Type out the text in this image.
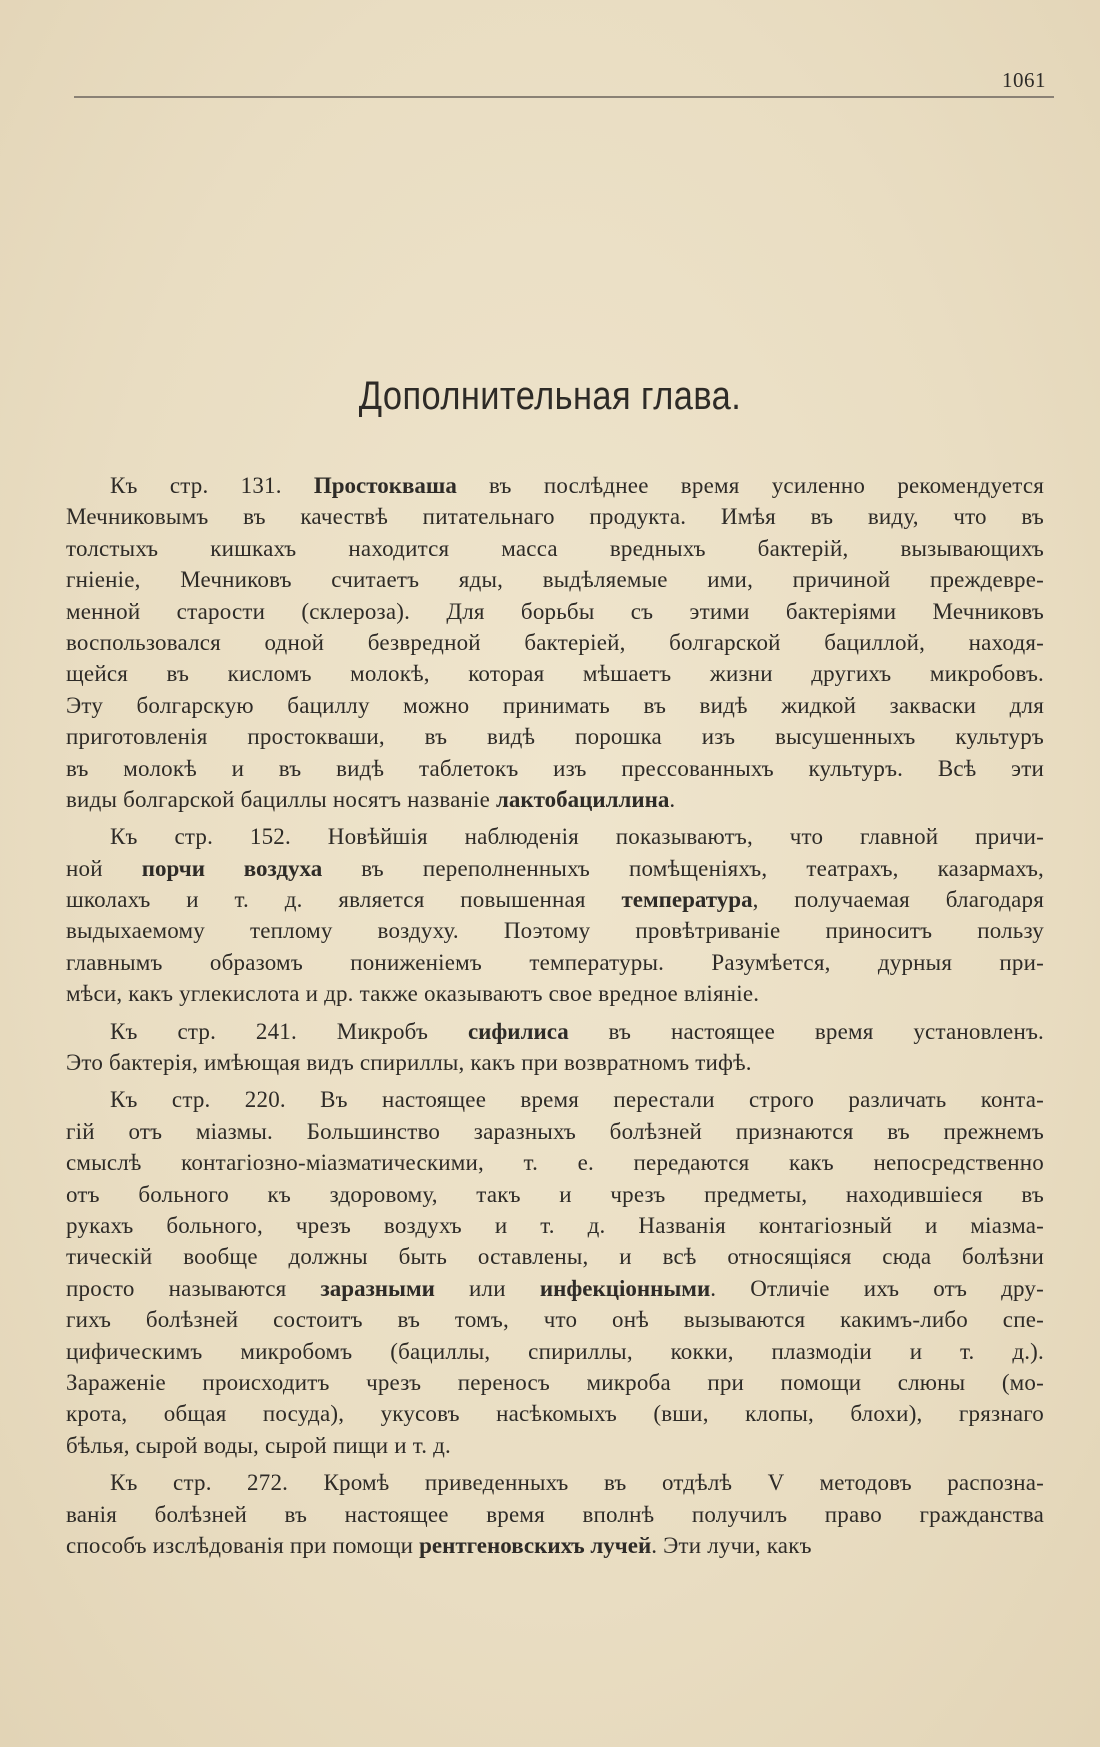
1061
Дополнительная глава.
Къ стр. 131. Простокваша въ послѣднее время усиленно рекомендуется
Мечниковымъ въ качествѣ питательнаго продукта. Имѣя въ виду, что въ
толстыхъ кишкахъ находится масса вредныхъ бактерій, вызывающихъ
гніеніе, Мечниковъ считаетъ яды, выдѣляемые ими, причиной преждевре-
менной старости (склероза). Для борьбы съ этими бактеріями Мечниковъ
воспользовался одной безвредной бактеріей, болгарской бациллой, находя-
щейся въ кисломъ молокѣ, которая мѣшаетъ жизни другихъ микробовъ.
Эту болгарскую бациллу можно принимать въ видѣ жидкой закваски для
приготовленія простокваши, въ видѣ порошка изъ высушенныхъ культуръ
въ молокѣ и въ видѣ таблетокъ изъ прессованныхъ культуръ. Всѣ эти
виды болгарской бациллы носятъ названіе лактобациллина.
Къ стр. 152. Новѣйшія наблюденія показываютъ, что главной причи-
ной порчи воздуха въ переполненныхъ помѣщеніяхъ, театрахъ, казармахъ,
школахъ и т. д. является повышенная температура, получаемая благодаря
выдыхаемому теплому воздуху. Поэтому провѣтриваніе приноситъ пользу
главнымъ образомъ пониженіемъ температуры. Разумѣется, дурныя при-
мѣси, какъ углекислота и др. также оказываютъ свое вредное вліяніе.
Къ стр. 241. Микробъ сифилиса въ настоящее время установленъ.
Это бактерія, имѣющая видъ спириллы, какъ при возвратномъ тифѣ.
Къ стр. 220. Въ настоящее время перестали строго различать конта-
гій отъ міазмы. Большинство заразныхъ болѣзней признаются въ прежнемъ
смыслѣ контагіозно-міазматическими, т. е. передаются какъ непосредственно
отъ больного къ здоровому, такъ и чрезъ предметы, находившіеся въ
рукахъ больного, чрезъ воздухъ и т. д. Названія контагіозный и міазма-
тическій вообще должны быть оставлены, и всѣ относящіяся сюда болѣзни
просто называются заразными или инфекціонными. Отличіе ихъ отъ дру-
гихъ болѣзней состоитъ въ томъ, что онѣ вызываются какимъ-либо спе-
цифическимъ микробомъ (бациллы, спириллы, кокки, плазмодіи и т. д.).
Зараженіе происходитъ чрезъ переносъ микроба при помощи слюны (мо-
крота, общая посуда), укусовъ насѣкомыхъ (вши, клопы, блохи), грязнаго
бѣлья, сырой воды, сырой пищи и т. д.
Къ стр. 272. Кромѣ приведенныхъ въ отдѣлѣ V методовъ распозна-
ванія болѣзней въ настоящее время вполнѣ получилъ право гражданства
способъ изслѣдованія при помощи рентгеновскихъ лучей. Эти лучи, какъ
